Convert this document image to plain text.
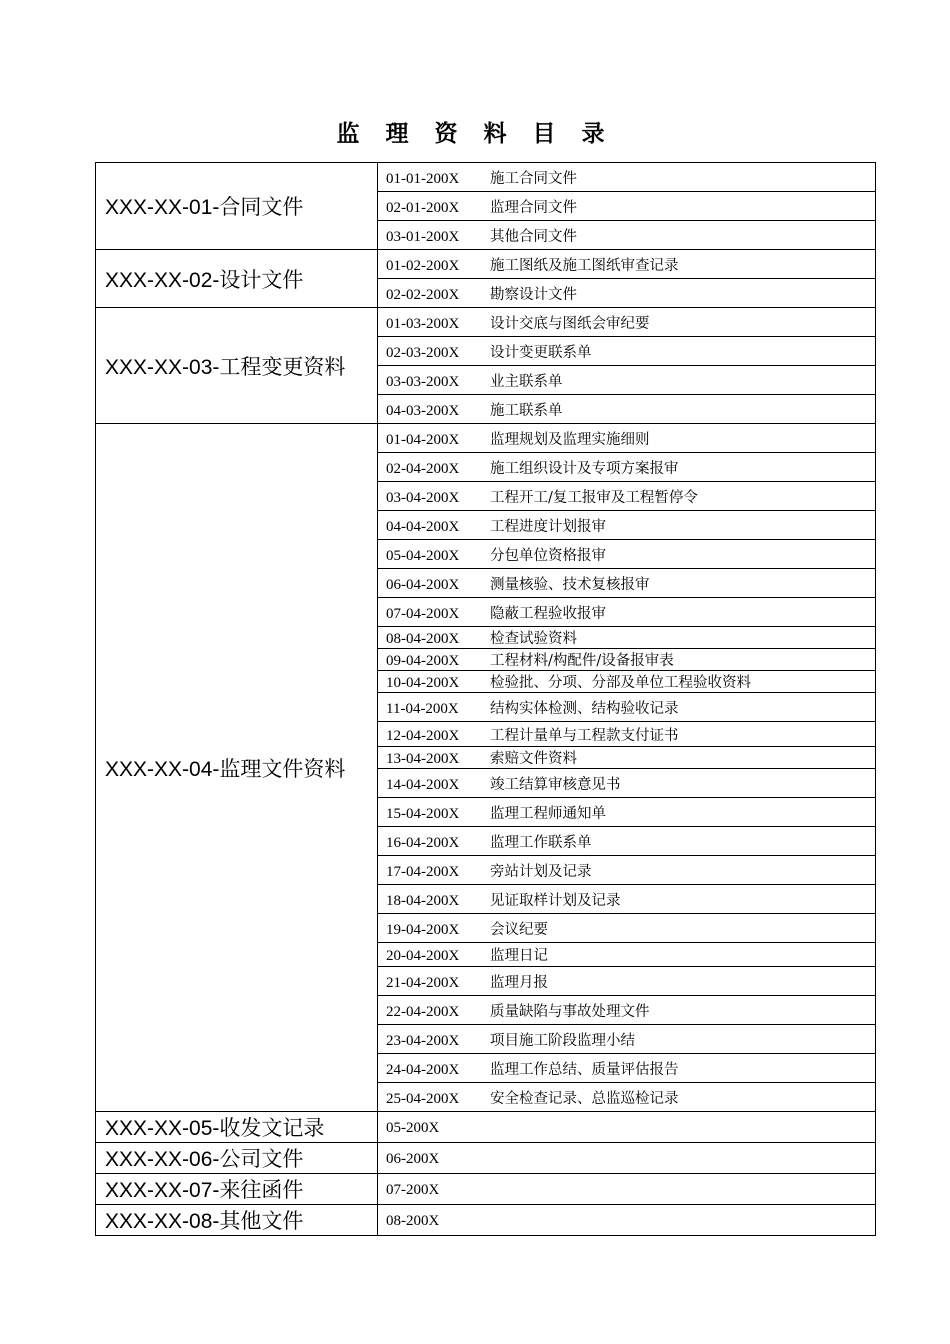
监 理 资 料 目 录
XXX-XX-01-合同文件	01-01-200X 施工合同文件
	02-01-200X 监理合同文件
	03-01-200X 其他合同文件
XXX-XX-02-设计文件	01-02-200X 施工图纸及施工图纸审查记录
	02-02-200X 勘察设计文件
XXX-XX-03-工程变更资料	01-03-200X 设计交底与图纸会审纪要
	02-03-200X 设计变更联系单
	03-03-200X 业主联系单
	04-03-200X 施工联系单
XXX-XX-04-监理文件资料	01-04-200X 监理规划及监理实施细则
	02-04-200X 施工组织设计及专项方案报审
	03-04-200X 工程开工/复工报审及工程暂停令
	04-04-200X 工程进度计划报审
	05-04-200X 分包单位资格报审
	06-04-200X 测量核验、技术复核报审
	07-04-200X 隐蔽工程验收报审
	08-04-200X 检查试验资料
	09-04-200X 工程材料/构配件/设备报审表
	10-04-200X 检验批、分项、分部及单位工程验收资料
	11-04-200X 结构实体检测、结构验收记录
	12-04-200X 工程计量单与工程款支付证书
	13-04-200X 索赔文件资料
	14-04-200X 竣工结算审核意见书
	15-04-200X 监理工程师通知单
	16-04-200X 监理工作联系单
	17-04-200X 旁站计划及记录
	18-04-200X 见证取样计划及记录
	19-04-200X 会议纪要
	20-04-200X 监理日记
	21-04-200X 监理月报
	22-04-200X 质量缺陷与事故处理文件
	23-04-200X 项目施工阶段监理小结
	24-04-200X 监理工作总结、质量评估报告
	25-04-200X 安全检查记录、总监巡检记录
XXX-XX-05-收发文记录	05-200X
XXX-XX-06-公司文件	06-200X
XXX-XX-07-来往函件	07-200X
XXX-XX-08-其他文件	08-200X
